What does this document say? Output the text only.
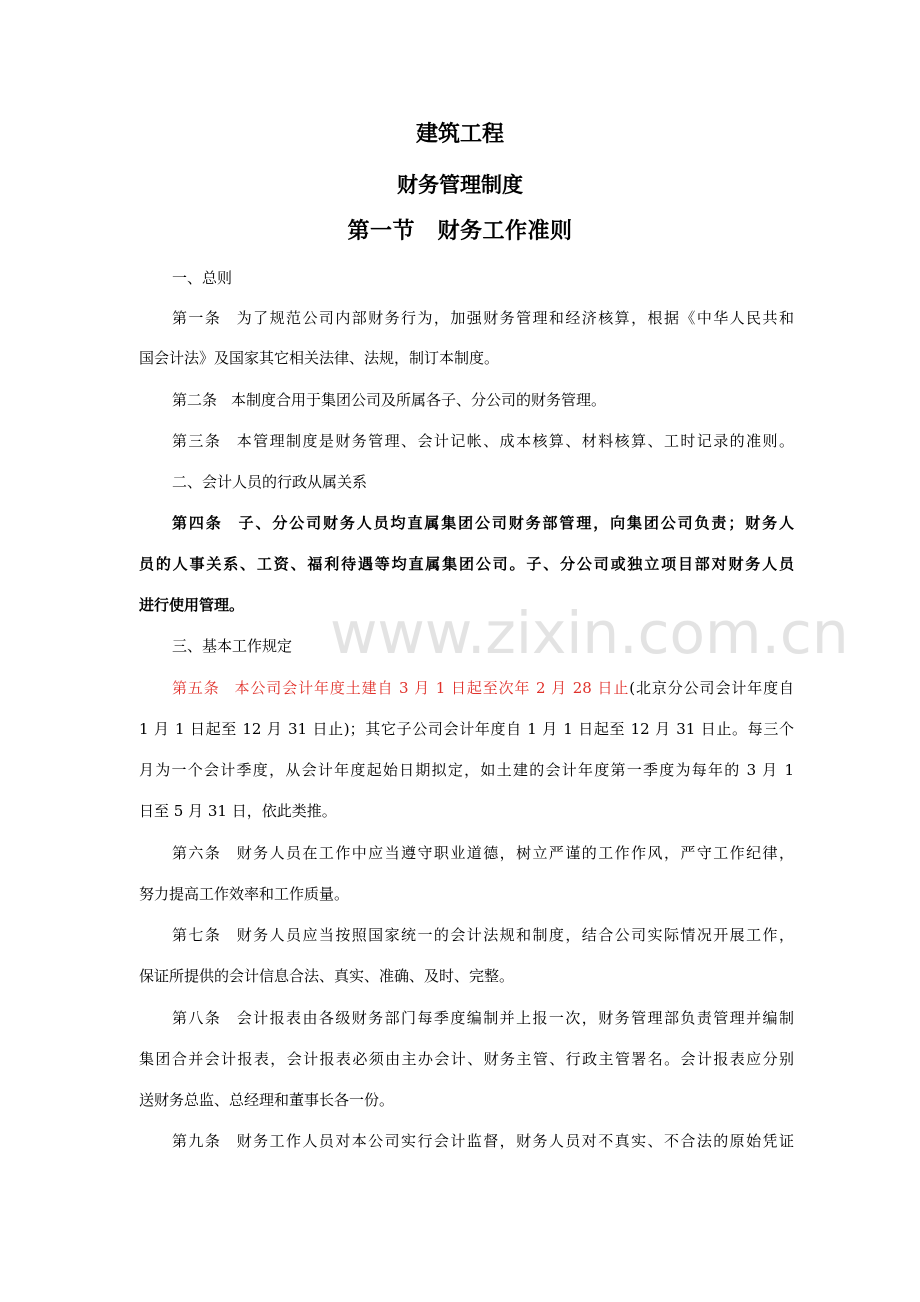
www.zixin.com.cn
建筑工程
财务管理制度
第一节　财务工作准则

一、总则

第一条 为了规范公司内部财务行为，加强财务管理和经济核算，根据《中华人民共和

国会计法》及国家其它相关法律、法规，制订本制度。

第二条 本制度合用于集团公司及所属各子、分公司的财务管理。

第三条 本管理制度是财务管理、会计记帐、成本核算、材料核算、工时记录的准则。

二、会计人员的行政从属关系

第四条 子、分公司财务人员均直属集团公司财务部管理，向集团公司负责；财务人

员的人事关系、工资、福利待遇等均直属集团公司。子、分公司或独立项目部对财务人员

进行使用管理。

三、基本工作规定

第五条 本公司会计年度土建自 3 月 1 日起至次年 2 月 28 日止(北京分公司会计年度自

1 月 1 日起至 12 月 31 日止)；其它子公司会计年度自 1 月 1 日起至 12 月 31 日止。每三个

月为一个会计季度，从会计年度起始日期拟定，如土建的会计年度第一季度为每年的 3 月 1

日至 5 月 31 日，依此类推。

第六条 财务人员在工作中应当遵守职业道德，树立严谨的工作作风，严守工作纪律，

努力提高工作效率和工作质量。

第七条 财务人员应当按照国家统一的会计法规和制度，结合公司实际情况开展工作，

保证所提供的会计信息合法、真实、准确、及时、完整。

第八条 会计报表由各级财务部门每季度编制并上报一次，财务管理部负责管理并编制

集团合并会计报表，会计报表必须由主办会计、财务主管、行政主管署名。会计报表应分别

送财务总监、总经理和董事长各一份。

第九条 财务工作人员对本公司实行会计监督，财务人员对不真实、不合法的原始凭证
